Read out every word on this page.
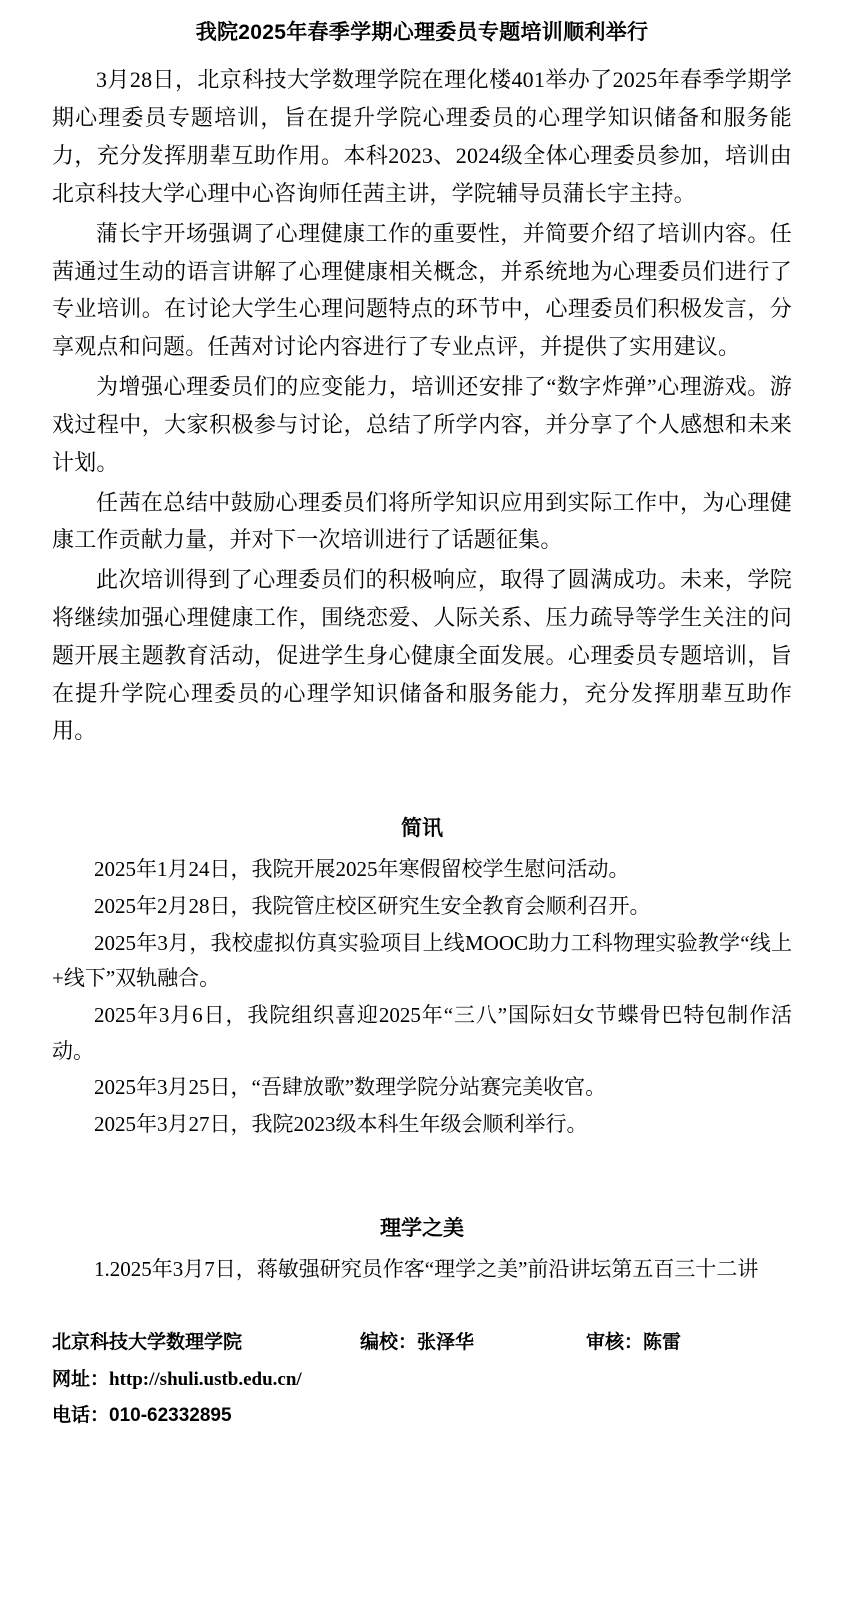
我院2025年春季学期心理委员专题培训顺利举行

3月28日，北京科技大学数理学院在理化楼401举办了2025年春季学期学期心理委员专题培训，旨在提升学院心理委员的心理学知识储备和服务能力，充分发挥朋辈互助作用。本科2023、2024级全体心理委员参加，培训由北京科技大学心理中心咨询师任茜主讲，学院辅导员蒲长宇主持。

蒲长宇开场强调了心理健康工作的重要性，并简要介绍了培训内容。任茜通过生动的语言讲解了心理健康相关概念，并系统地为心理委员们进行了专业培训。在讨论大学生心理问题特点的环节中，心理委员们积极发言，分享观点和问题。任茜对讨论内容进行了专业点评，并提供了实用建议。

为增强心理委员们的应变能力，培训还安排了“数字炸弹”心理游戏。游戏过程中，大家积极参与讨论，总结了所学内容，并分享了个人感想和未来计划。

任茜在总结中鼓励心理委员们将所学知识应用到实际工作中，为心理健康工作贡献力量，并对下一次培训进行了话题征集。

此次培训得到了心理委员们的积极响应，取得了圆满成功。未来，学院将继续加强心理健康工作，围绕恋爱、人际关系、压力疏导等学生关注的问题开展主题教育活动，促进学生身心健康全面发展。心理委员专题培训，旨在提升学院心理委员的心理学知识储备和服务能力，充分发挥朋辈互助作用。

简讯

2025年1月24日，我院开展2025年寒假留校学生慰问活动。

2025年2月28日，我院管庄校区研究生安全教育会顺利召开。

2025年3月，我校虚拟仿真实验项目上线MOOC助力工科物理实验教学“线上+线下”双轨融合。

2025年3月6日，我院组织喜迎2025年“三八”国际妇女节蝶骨巴特包制作活动。

2025年3月25日，“吾肆放歌”数理学院分站赛完美收官。

2025年3月27日，我院2023级本科生年级会顺利举行。

理学之美

1.2025年3月7日，蒋敏强研究员作客“理学之美”前沿讲坛第五百三十二讲

北京科技大学数理学院	编校：张泽华	审核：陈雷
网址：http://shuli.ustb.edu.cn/
电话：010-62332895
